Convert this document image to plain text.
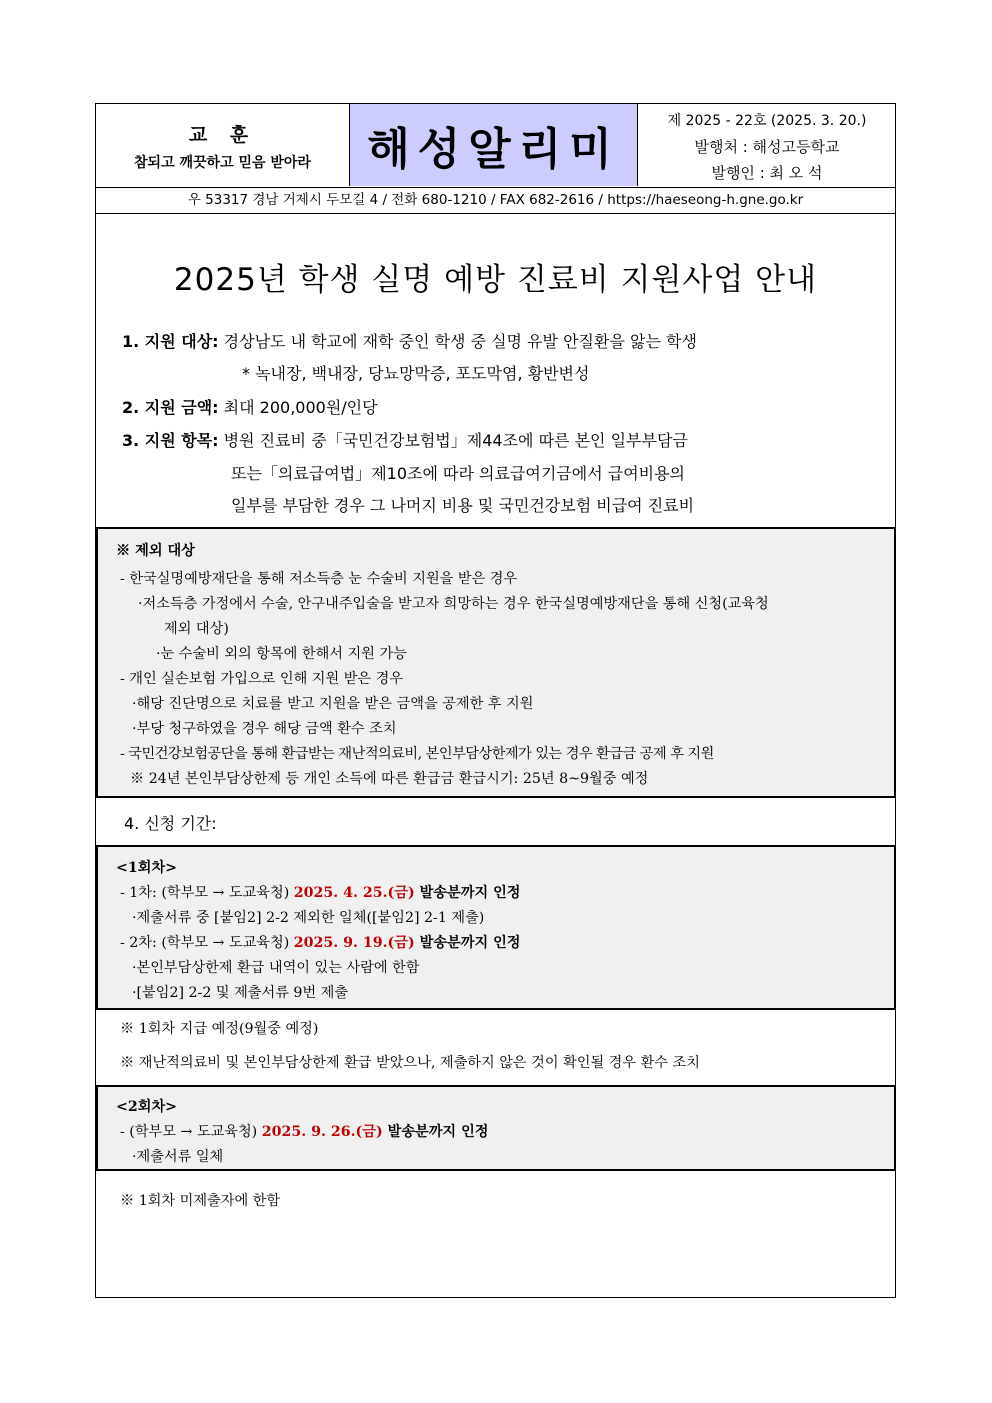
교 훈
참되고 깨끗하고 믿음 받아라	해성알리미
제 2025 - 22호 (2025. 3. 20.)
발행처 : 해성고등학교
발행인 : 최 오 석
우 53317 경남 거제시 두모길 4 / 전화 680-1210 / FAX 682-2616 / https://haeseong-h.gne.go.kr
2025년 학생 실명 예방 진료비 지원사업 안내
1. 지원 대상: 경상남도 내 학교에 재학 중인 학생 중 실명 유발 안질환을 앓는 학생
* 녹내장, 백내장, 당뇨망막증, 포도막염, 황반변성
2. 지원 금액: 최대 200,000원/인당
3. 지원 항목: 병원 진료비 중「국민건강보험법」제44조에 따른 본인 일부부담금
또는「의료급여법」제10조에 따라 의료급여기금에서 급여비용의
일부를 부담한 경우 그 나머지 비용 및 국민건강보험 비급여 진료비
※ 제외 대상
- 한국실명예방재단을 통해 저소득층 눈 수술비 지원을 받은 경우
·저소득층 가정에서 수술, 안구내주입술을 받고자 희망하는 경우 한국실명예방재단을 통해 신청(교육청
제외 대상)
·눈 수술비 외의 항목에 한해서 지원 가능
- 개인 실손보험 가입으로 인해 지원 받은 경우
·해당 진단명으로 치료를 받고 지원을 받은 금액을 공제한 후 지원
·부당 청구하였을 경우 해당 금액 환수 조치
- 국민건강보험공단을 통해 환급받는 재난적의료비, 본인부담상한제가 있는 경우 환급금 공제 후 지원
※ 24년 본인부담상한제 등 개인 소득에 따른 환급금 환급시기: 25년 8~9월중 예정
4. 신청 기간:
<1회차>
- 1차: (학부모 → 도교육청) 2025. 4. 25.(금) 발송분까지 인정
·제출서류 중 [붙임2] 2-2 제외한 일체([붙임2] 2-1 제출)
- 2차: (학부모 → 도교육청) 2025. 9. 19.(금) 발송분까지 인정
·본인부담상한제 환급 내역이 있는 사람에 한함
·[붙임2] 2-2 및 제출서류 9번 제출
※ 1회차 지급 예정(9월중 예정)
※ 재난적의료비 및 본인부담상한제 환급 받았으나, 제출하지 않은 것이 확인될 경우 환수 조치
<2회차>
- (학부모 → 도교육청) 2025. 9. 26.(금) 발송분까지 인정
·제출서류 일체
※ 1회차 미제출자에 한함
